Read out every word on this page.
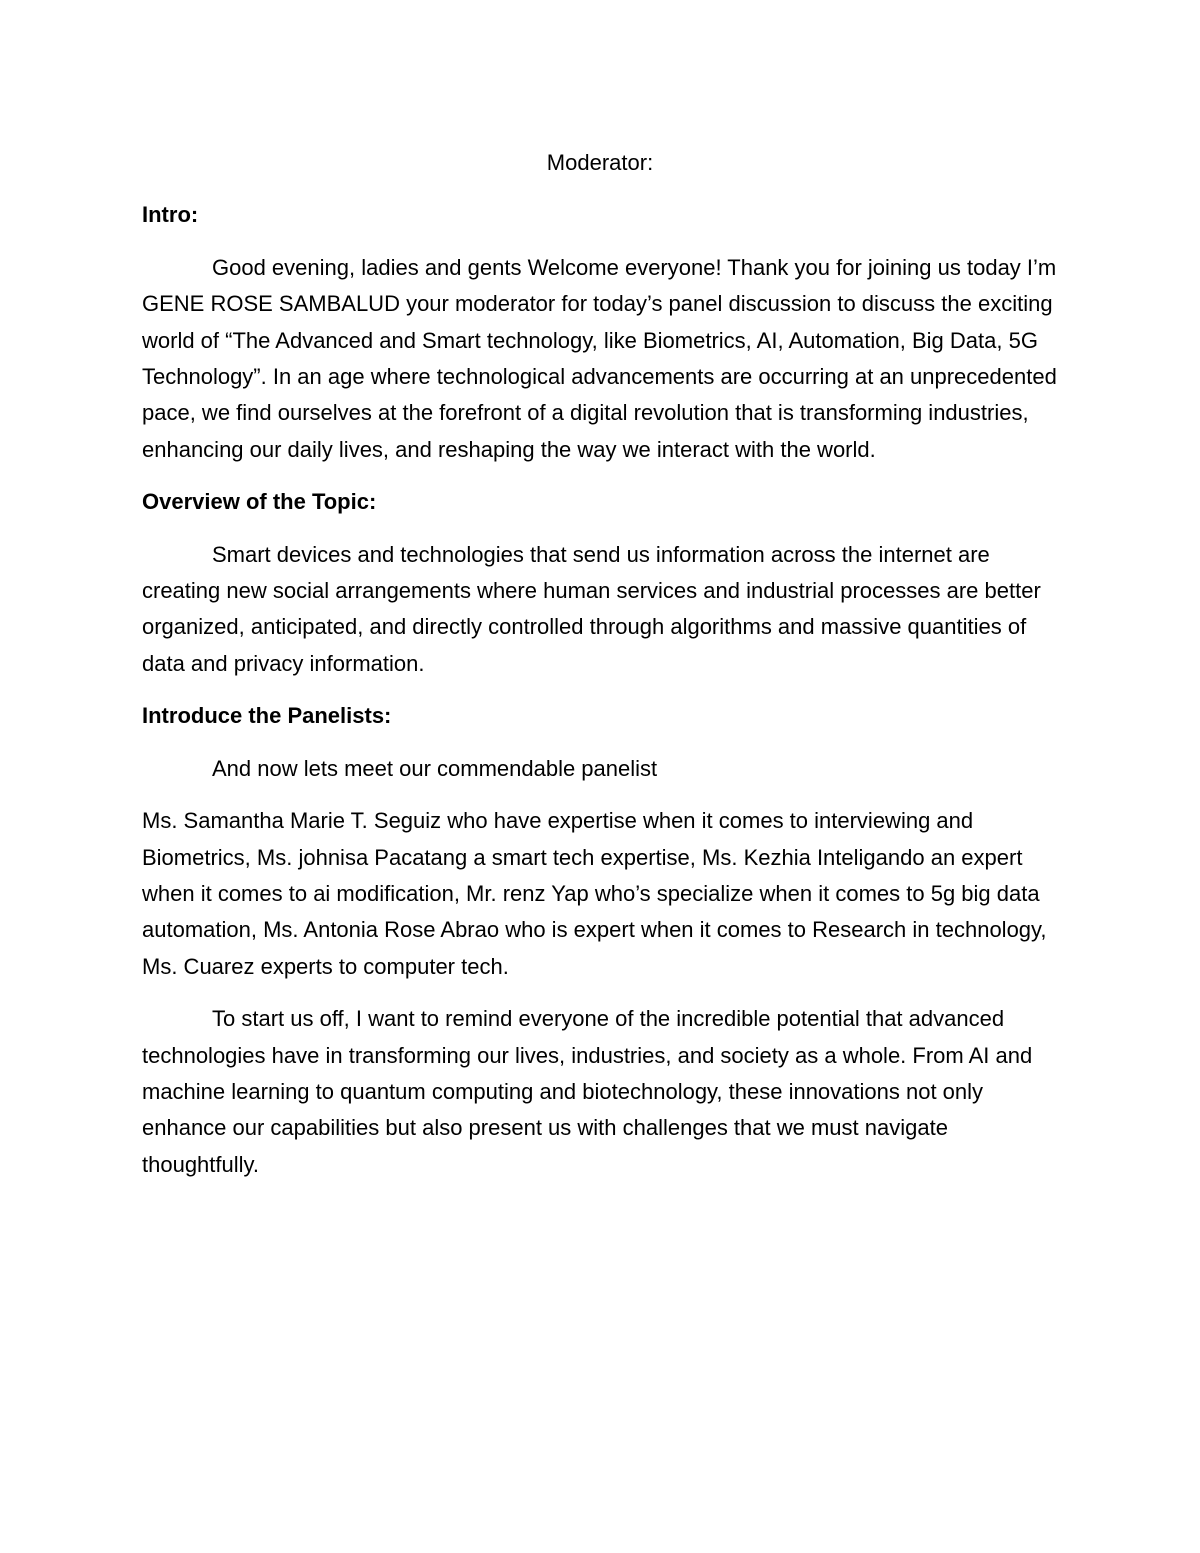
Moderator:

Intro:

Good evening, ladies and gents Welcome everyone! Thank you for joining us today I’m GENE ROSE SAMBALUD your moderator for today’s panel discussion to discuss the exciting world of “The Advanced and Smart technology, like Biometrics, AI, Automation, Big Data, 5G Technology”. In an age where technological advancements are occurring at an unprecedented pace, we find ourselves at the forefront of a digital revolution that is transforming industries, enhancing our daily lives, and reshaping the way we interact with the world.

Overview of the Topic:

Smart devices and technologies that send us information across the internet are creating new social arrangements where human services and industrial processes are better organized, anticipated, and directly controlled through algorithms and massive quantities of data and privacy information.

Introduce the Panelists:

And now lets meet our commendable panelist

Ms. Samantha Marie T. Seguiz who have expertise when it comes to interviewing and Biometrics, Ms. johnisa Pacatang a smart tech expertise, Ms. Kezhia Inteligando an expert when it comes to ai modification, Mr. renz Yap who’s specialize when it comes to 5g big data automation, Ms. Antonia Rose Abrao who is expert when it comes to Research in technology, Ms. Cuarez experts to computer tech.

To start us off, I want to remind everyone of the incredible potential that advanced technologies have in transforming our lives, industries, and society as a whole. From AI and machine learning to quantum computing and biotechnology, these innovations not only enhance our capabilities but also present us with challenges that we must navigate thoughtfully.
